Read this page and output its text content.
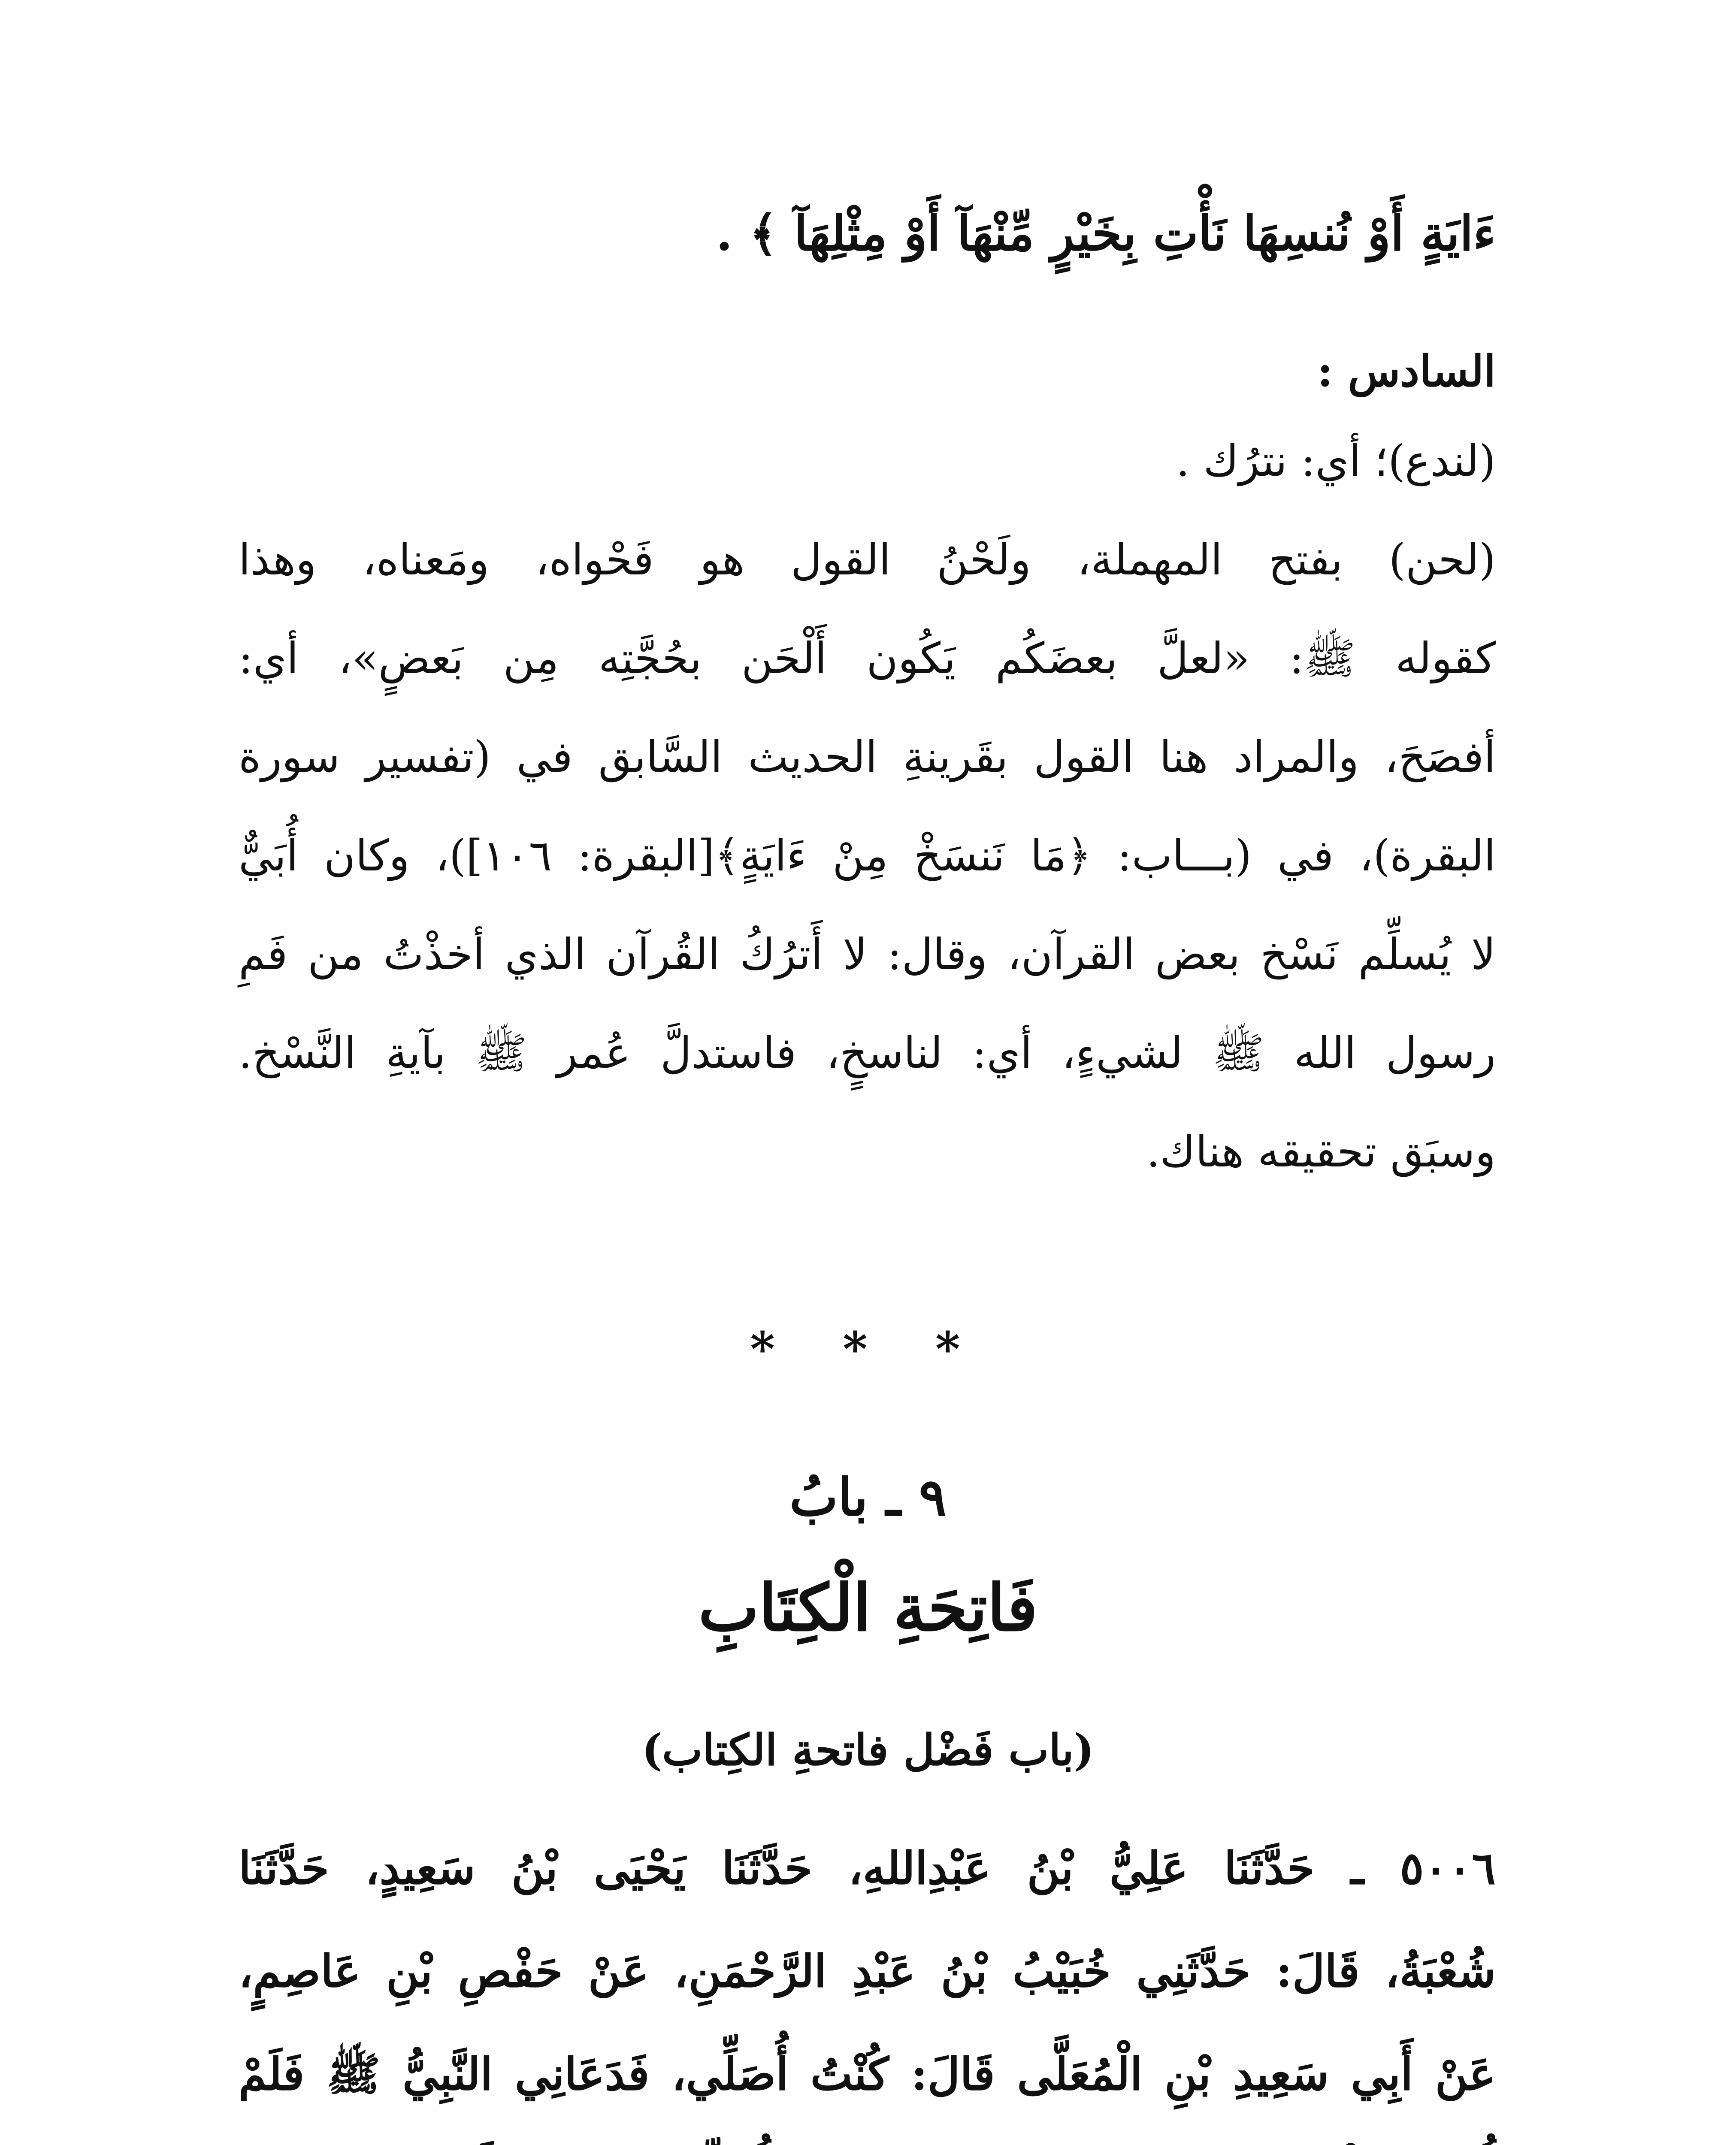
ءَايَةٍ أَوْ نُنسِهَا نَأْتِ بِخَيْرٍ مِّنْهَآ أَوْ مِثْلِهَآ ﴾ .
السادس :
(لندع)؛ أي: نترُك .
(لحن) بفتح المهملة، ولَحْنُ القول هو فَحْواه، ومَعناه، وهذا
كقوله ﷺ: «لعلَّ بعضَكُم يَكُون أَلْحَن بحُجَّتِه مِن بَعضٍ»، أي:
أفصَحَ، والمراد هنا القول بقَرينةِ الحديث السَّابق في (تفسير سورة
البقرة)، في (بـــاب: ﴿مَا نَنسَخْ مِنْ ءَايَةٍ﴾[البقرة: ١٠٦])، وكان أُبَيٌّ
لا يُسلِّم نَسْخ بعض القرآن، وقال: لا أَترُكُ القُرآن الذي أخذْتُ من فَمِ
رسول الله ﷺ لشيءٍ، أي: لناسخٍ، فاستدلَّ عُمر ﷺ بآيةِ النَّسْخ.
وسبَق تحقيقه هناك.
* * *
٩ ـ بابُ
فَاتِحَةِ الْكِتَابِ
(باب فَضْل فاتحةِ الكِتاب)
٥٠٠٦ ـ حَدَّثَنَا عَلِيُّ بْنُ عَبْدِاللهِ، حَدَّثَنَا يَحْيَى بْنُ سَعِيدٍ، حَدَّثَنَا
شُعْبَةُ، قَالَ: حَدَّثَنِي خُبَيْبُ بْنُ عَبْدِ الرَّحْمَنِ، عَنْ حَفْصِ بْنِ عَاصِمٍ،
عَنْ أَبِي سَعِيدِ بْنِ الْمُعَلَّى قَالَ: كُنْتُ أُصَلِّي، فَدَعَانِي النَّبِيُّ ﷺ فَلَمْ
